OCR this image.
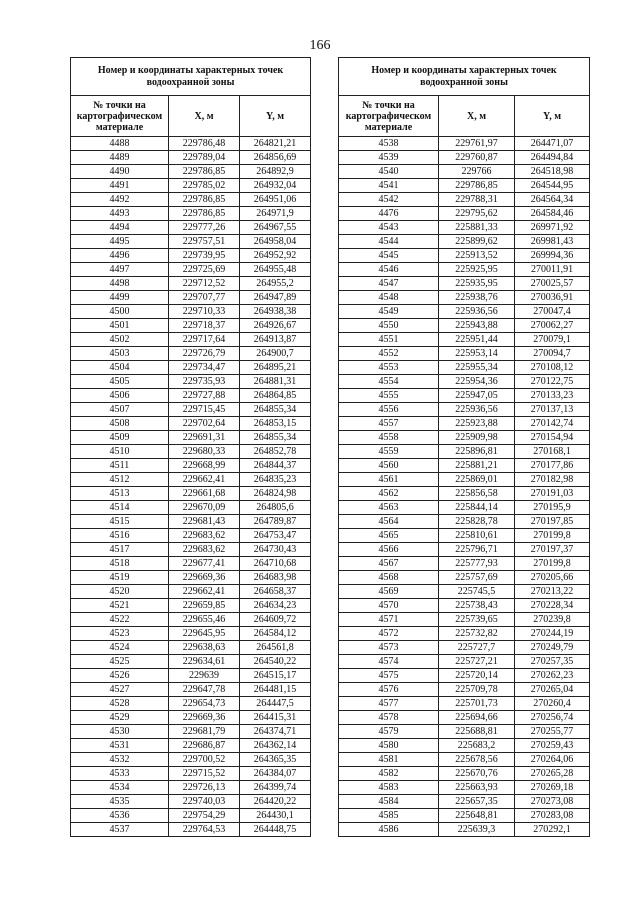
166
Номер и координаты характерных точек водоохранной зоны		
№ точки на картографическом материале	X, м	Y, м
4488	229786,48	264821,21
4489	229789,04	264856,69
4490	229786,85	264892,9
4491	229785,02	264932,04
4492	229786,85	264951,06
4493	229786,85	264971,9
4494	229777,26	264967,55
4495	229757,51	264958,04
4496	229739,95	264952,92
4497	229725,69	264955,48
4498	229712,52	264955,2
4499	229707,77	264947,89
4500	229710,33	264938,38
4501	229718,37	264926,67
4502	229717,64	264913,87
4503	229726,79	264900,7
4504	229734,47	264895,21
4505	229735,93	264881,31
4506	229727,88	264864,85
4507	229715,45	264855,34
4508	229702,64	264853,15
4509	229691,31	264855,34
4510	229680,33	264852,78
4511	229668,99	264844,37
4512	229662,41	264835,23
4513	229661,68	264824,98
4514	229670,09	264805,6
4515	229681,43	264789,87
4516	229683,62	264753,47
4517	229683,62	264730,43
4518	229677,41	264710,68
4519	229669,36	264683,98
4520	229662,41	264658,37
4521	229659,85	264634,23
4522	229655,46	264609,72
4523	229645,95	264584,12
4524	229638,63	264561,8
4525	229634,61	264540,22
4526	229639	264515,17
4527	229647,78	264481,15
4528	229654,73	264447,5
4529	229669,36	264415,31
4530	229681,79	264374,71
4531	229686,87	264362,14
4532	229700,52	264365,35
4533	229715,52	264384,07
4534	229726,13	264399,74
4535	229740,03	264420,22
4536	229754,29	264430,1
4537	229764,53	264448,75
Номер и координаты характерных точек водоохранной зоны		
№ точки на картографическом материале	X, м	Y, м
4538	229761,97	264471,07
4539	229760,87	264494,84
4540	229766	264518,98
4541	229786,85	264544,95
4542	229788,31	264564,34
4476	229795,62	264584,46
4543	225881,33	269971,92
4544	225899,62	269981,43
4545	225913,52	269994,36
4546	225925,95	270011,91
4547	225935,95	270025,57
4548	225938,76	270036,91
4549	225936,56	270047,4
4550	225943,88	270062,27
4551	225951,44	270079,1
4552	225953,14	270094,7
4553	225955,34	270108,12
4554	225954,36	270122,75
4555	225947,05	270133,23
4556	225936,56	270137,13
4557	225923,88	270142,74
4558	225909,98	270154,94
4559	225896,81	270168,1
4560	225881,21	270177,86
4561	225869,01	270182,98
4562	225856,58	270191,03
4563	225844,14	270195,9
4564	225828,78	270197,85
4565	225810,61	270199,8
4566	225796,71	270197,37
4567	225777,93	270199,8
4568	225757,69	270205,66
4569	225745,5	270213,22
4570	225738,43	270228,34
4571	225739,65	270239,8
4572	225732,82	270244,19
4573	225727,7	270249,79
4574	225727,21	270257,35
4575	225720,14	270262,23
4576	225709,78	270265,04
4577	225701,73	270260,4
4578	225694,66	270256,74
4579	225688,81	270255,77
4580	225683,2	270259,43
4581	225678,56	270264,06
4582	225670,76	270265,28
4583	225663,93	270269,18
4584	225657,35	270273,08
4585	225648,81	270283,08
4586	225639,3	270292,1
